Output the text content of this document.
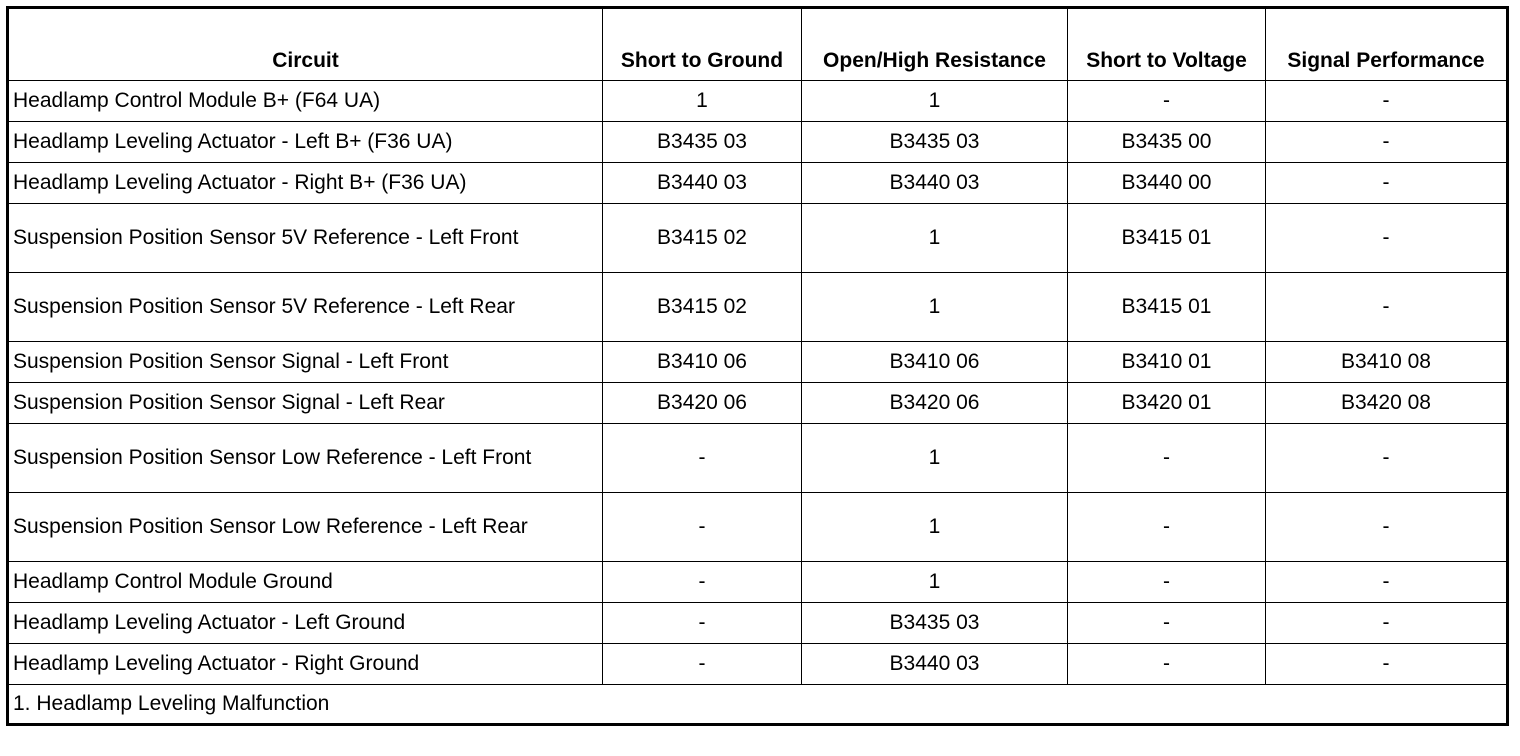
Circuit	Short to Ground	Open/High Resistance	Short to Voltage	Signal Performance
Headlamp Control Module B+ (F64 UA)	1	1	-	-
Headlamp Leveling Actuator - Left B+ (F36 UA)	B3435 03	B3435 03	B3435 00	-
Headlamp Leveling Actuator - Right B+ (F36 UA)	B3440 03	B3440 03	B3440 00	-
Suspension Position Sensor 5V Reference - Left Front	B3415 02	1	B3415 01	-
Suspension Position Sensor 5V Reference - Left Rear	B3415 02	1	B3415 01	-
Suspension Position Sensor Signal - Left Front	B3410 06	B3410 06	B3410 01	B3410 08
Suspension Position Sensor Signal - Left Rear	B3420 06	B3420 06	B3420 01	B3420 08
Suspension Position Sensor Low Reference - Left Front	-	1	-	-
Suspension Position Sensor Low Reference - Left Rear	-	1	-	-
Headlamp Control Module Ground	-	1	-	-
Headlamp Leveling Actuator - Left Ground	-	B3435 03	-	-
Headlamp Leveling Actuator - Right Ground	-	B3440 03	-	-
1. Headlamp Leveling Malfunction				
